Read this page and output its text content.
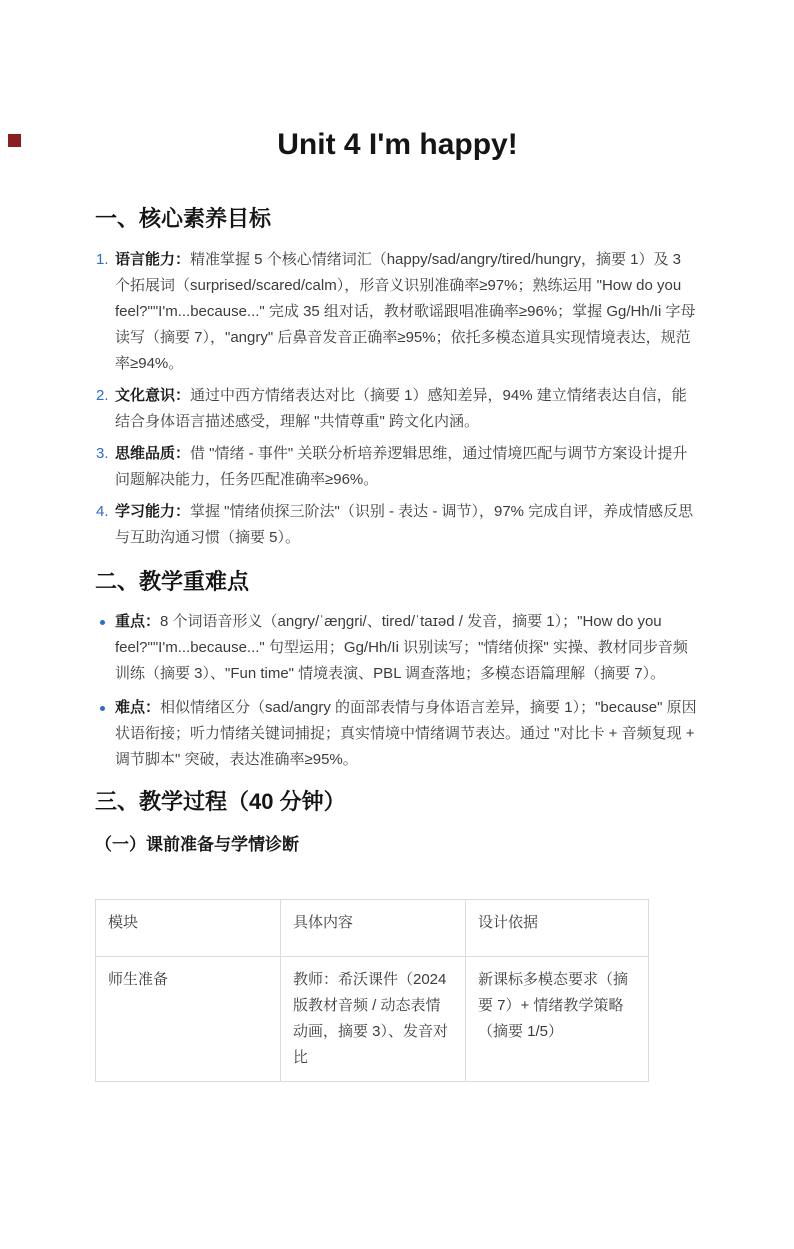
Unit 4 I'm happy!
一、核心素养目标
1. 语言能力：精准掌握 5 个核心情绪词汇（happy/sad/angry/tired/hungry，摘要 1）及 3 个拓展词（surprised/scared/calm），形音义识别准确率≥97%；熟练运用 "How do you feel?""I'm...because..." 完成 35 组对话，教材歌谣跟唱准确率≥96%；掌握 Gg/Hh/Ii 字母读写（摘要 7），"angry" 后鼻音发音正确率≥95%；依托多模态道具实现情境表达，规范率≥94%。
2. 文化意识：通过中西方情绪表达对比（摘要 1）感知差异，94% 建立情绪表达自信，能结合身体语言描述感受，理解 "共情尊重" 跨文化内涵。
3. 思维品质：借 "情绪 - 事件" 关联分析培养逻辑思维，通过情境匹配与调节方案设计提升问题解决能力，任务匹配准确率≥96%。
4. 学习能力：掌握 "情绪侦探三阶法"（识别 - 表达 - 调节），97% 完成自评，养成情感反思与互助沟通习惯（摘要 5）。
二、教学重难点
重点：8 个词语音形义（angry/ˈæŋgri/、tired/ˈtaɪəd / 发音，摘要 1）；"How do you feel?""I'm...because..." 句型运用；Gg/Hh/Ii 识别读写；"情绪侦探" 实操、教材同步音频训练（摘要 3）、"Fun time" 情境表演、PBL 调查落地；多模态语篇理解（摘要 7）。
难点：相似情绪区分（sad/angry 的面部表情与身体语言差异，摘要 1）；"because" 原因状语衔接；听力情绪关键词捕捉；真实情境中情绪调节表达。通过 "对比卡 + 音频复现 + 调节脚本" 突破，表达准确率≥95%。
三、教学过程（40 分钟）
（一）课前准备与学情诊断
模块	具体内容	设计依据
师生准备	教师：希沃课件（2024 版教材音频 / 动态表情动画，摘要 3）、发音对比	新课标多模态要求（摘要 7）+ 情绪教学策略（摘要 1/5）
